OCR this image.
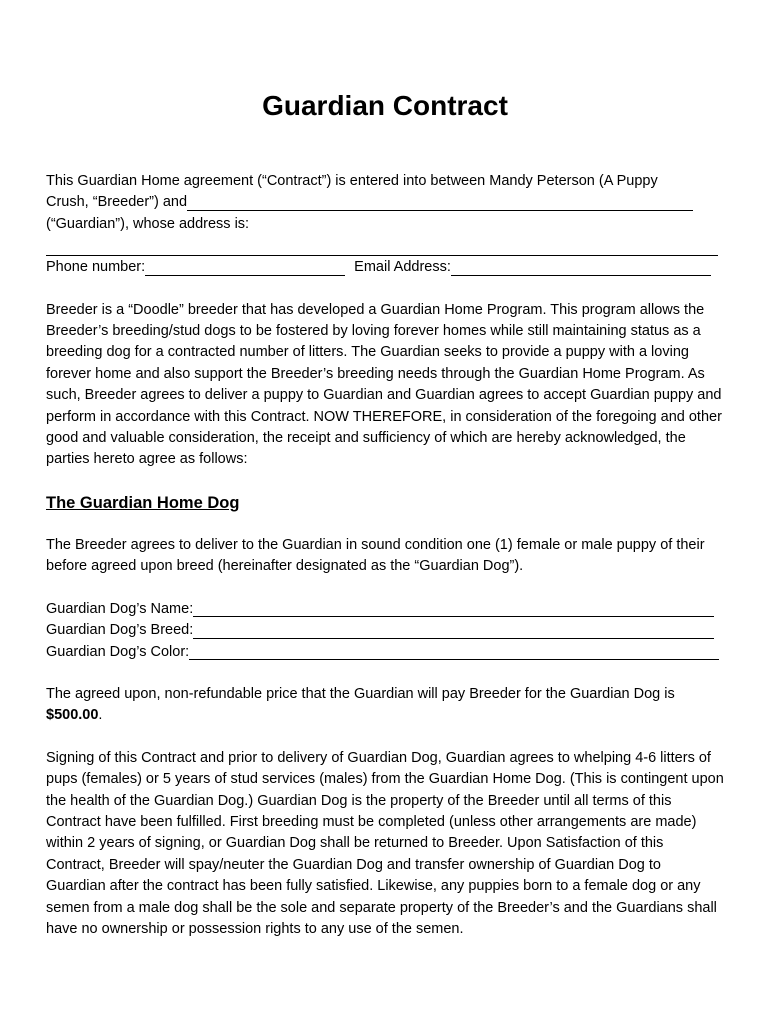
Guardian Contract
This Guardian Home agreement (“Contract”) is entered into between Mandy Peterson (A Puppy
Crush, “Breeder”) and
(“Guardian”), whose address is:
Phone number:	Email Address:

Breeder is a “Doodle” breeder that has developed a Guardian Home Program. This program allows the Breeder’s breeding/stud dogs to be fostered by loving forever homes while still maintaining status as a breeding dog for a contracted number of litters. The Guardian seeks to provide a puppy with a loving forever home and also support the Breeder’s breeding needs through the Guardian Home Program. As such, Breeder agrees to deliver a puppy to Guardian and Guardian agrees to accept Guardian puppy and perform in accordance with this Contract. NOW THEREFORE, in consideration of the foregoing and other good and valuable consideration, the receipt and sufficiency of which are hereby acknowledged, the parties hereto agree as follows:

The Guardian Home Dog

The Breeder agrees to deliver to the Guardian in sound condition one (1) female or male puppy of their before agreed upon breed (hereinafter designated as the “Guardian Dog”).

Guardian Dog’s Name:
Guardian Dog’s Breed:
Guardian Dog’s Color:

The agreed upon, non-refundable price that the Guardian will pay Breeder for the Guardian Dog is $500.00.

Signing of this Contract and prior to delivery of Guardian Dog, Guardian agrees to whelping 4-6 litters of pups (females) or 5 years of stud services (males) from the Guardian Home Dog. (This is contingent upon the health of the Guardian Dog.) Guardian Dog is the property of the Breeder until all terms of this Contract have been fulfilled. First breeding must be completed (unless other arrangements are made) within 2 years of signing, or Guardian Dog shall be returned to Breeder. Upon Satisfaction of this Contract, Breeder will spay/neuter the Guardian Dog and transfer ownership of Guardian Dog to Guardian after the contract has been fully satisfied. Likewise, any puppies born to a female dog or any semen from a male dog shall be the sole and separate property of the Breeder’s and the Guardians shall have no ownership or possession rights to any use of the semen.
